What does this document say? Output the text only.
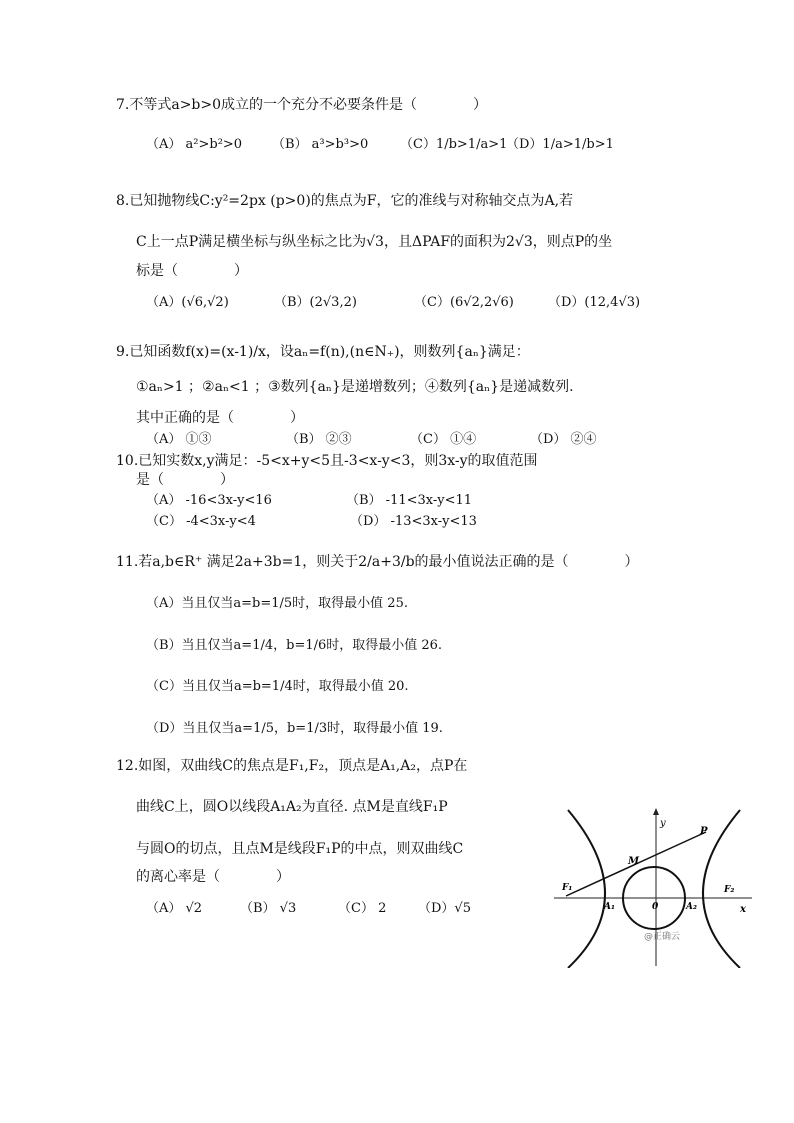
7.不等式a>b>0成立的一个充分不必要条件是（　　　　）
（A） a²>b²>0 （B） a³>b³>0 （C）1/b>1/a>1
（D）1/a>1/b>1
8.已知抛物线C:y²=2px (p>0)的焦点为F，它的准线与对称轴交点为A,若
C上一点P满足横坐标与纵坐标之比为√3，且ΔPAF的面积为2√3，则点P的坐
标是（　　　　）
（A）(√6,√2)	（B）(2√3,2)	（C）(6√2,2√6)	（D）(12,4√3)
9.已知函数f(x)=(x-1)/x，设aₙ=f(n),(n∈N₊)，则数列{aₙ}满足：
①aₙ>1 ；②aₙ<1 ；③数列{aₙ}是递增数列；④数列{aₙ}是递减数列.
其中正确的是（　　　　）
（A） ①③	（B） ②③	（C） ①④	（D） ②④
10.已知实数x,y满足：-5<x+y<5且-3<x-y<3，则3x-y的取值范围
是（　　　　）
（A） -16<3x-y<16	（B） -11<3x-y<11
（C） -4<3x-y<4	（D） -13<3x-y<13
11.若a,b∈R⁺ 满足2a+3b=1，则关于2/a+3/b的最小值说法正确的是（　　　　）
（A）当且仅当a=b=1/5时，取得最小值 25.
（B）当且仅当a=1/4，b=1/6时，取得最小值 26.
（C）当且仅当a=b=1/4时，取得最小值 20.
（D）当且仅当a=1/5，b=1/3时，取得最小值 19.
12.如图，双曲线C的焦点是F₁,F₂，顶点是A₁,A₂，点P在
曲线C上，圆O以线段A₁A₂为直径. 点M是直线F₁P
与圆O的切点，且点M是线段F₁P的中点，则双曲线C
的离心率是（　　　　）
（A） √2	（B） √3	（C） 2 （D）√5
y
x
P
M
F₁	F₂
A₁	A₂
0
@正确云
